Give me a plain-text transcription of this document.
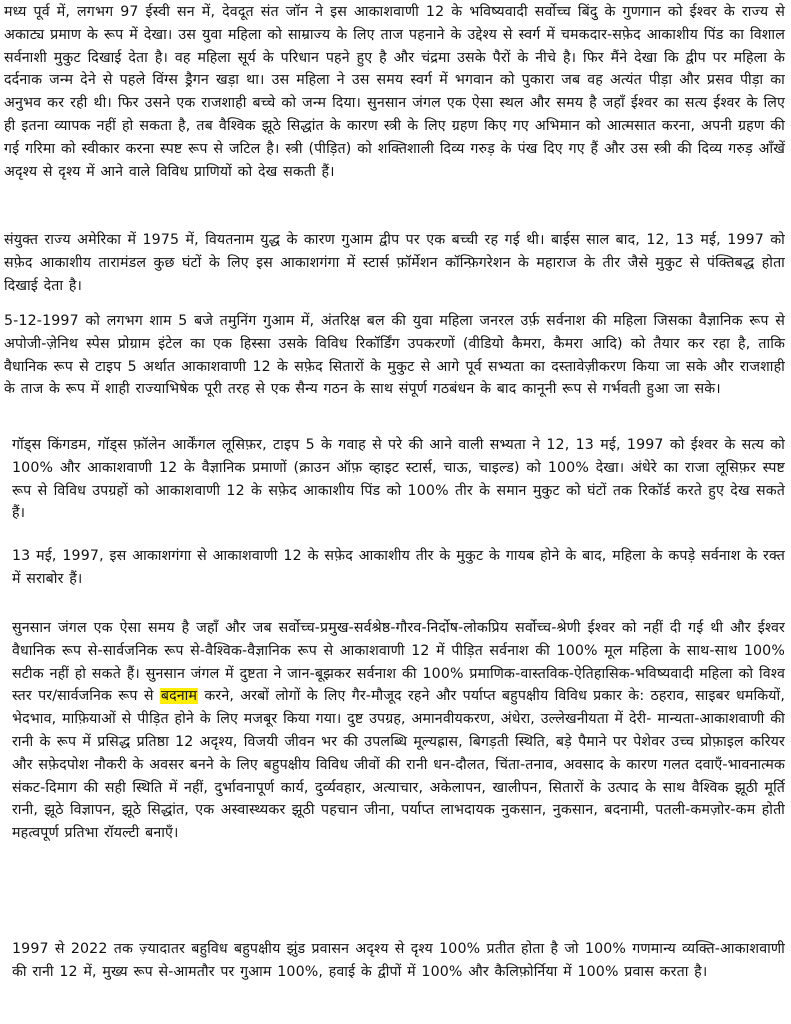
मध्य पूर्व में, लगभग 97 ईस्वी सन में, देवदूत संत जॉन ने इस आकाशवाणी 12 के भविष्यवादी सर्वोच्च बिंदु के गुणगान को ईश्वर के राज्य से अकाट्य प्रमाण के रूप में देखा। उस युवा महिला को साम्राज्य के लिए ताज पहनाने के उद्देश्य से स्वर्ग में चमकदार-सफ़ेद आकाशीय पिंड का विशाल सर्वनाशी मुकुट दिखाई देता है। वह महिला सूर्य के परिधान पहने हुए है और चंद्रमा उसके पैरों के नीचे है। फिर मैंने देखा कि द्वीप पर महिला के दर्दनाक जन्म देने से पहले विंग्स ड्रैगन खड़ा था। उस महिला ने उस समय स्वर्ग में भगवान को पुकारा जब वह अत्यंत पीड़ा और प्रसव पीड़ा का अनुभव कर रही थी। फिर उसने एक राजशाही बच्चे को जन्म दिया। सुनसान जंगल एक ऐसा स्थल और समय है जहाँ ईश्वर का सत्य ईश्वर के लिए ही इतना व्यापक नहीं हो सकता है, तब वैश्विक झूठे सिद्धांत के कारण स्त्री के लिए ग्रहण किए गए अभिमान को आत्मसात करना, अपनी ग्रहण की गई गरिमा को स्वीकार करना स्पष्ट रूप से जटिल है। स्त्री (पीड़ित) को शक्तिशाली दिव्य गरुड़ के पंख दिए गए हैं और उस स्त्री की दिव्य गरुड़ आँखें अदृश्य से दृश्य में आने वाले विविध प्राणियों को देख सकती हैं।

संयुक्त राज्य अमेरिका में 1975 में, वियतनाम युद्ध के कारण गुआम द्वीप पर एक बच्ची रह गई थी। बाईस साल बाद, 12, 13 मई, 1997 को सफ़ेद आकाशीय तारामंडल कुछ घंटों के लिए इस आकाशगंगा में स्टार्स फ़ॉर्मेशन कॉन्फ़िगरेशन के महाराज के तीर जैसे मुकुट से पंक्तिबद्ध होता दिखाई देता है।

5-12-1997 को लगभग शाम 5 बजे तमुनिंग गुआम में, अंतरिक्ष बल की युवा महिला जनरल उर्फ़ सर्वनाश की महिला जिसका वैज्ञानिक रूप से अपोजी-ज़ेनिथ स्पेस प्रोग्राम इंटेल का एक हिस्सा उसके विविध रिकॉर्डिंग उपकरणों (वीडियो कैमरा, कैमरा आदि) को तैयार कर रहा है, ताकि वैधानिक रूप से टाइप 5 अर्थात आकाशवाणी 12 के सफ़ेद सितारों के मुकुट से आगे पूर्व सभ्यता का दस्तावेज़ीकरण किया जा सके और राजशाही के ताज के रूप में शाही राज्याभिषेक पूरी तरह से एक सैन्य गठन के साथ संपूर्ण गठबंधन के बाद कानूनी रूप से गर्भवती हुआ जा सके।

गॉड्स किंगडम, गॉड्स फ़ॉलेन आर्केंगल लूसिफ़र, टाइप 5 के गवाह से परे की आने वाली सभ्यता ने 12, 13 मई, 1997 को ईश्वर के सत्य को 100% और आकाशवाणी 12 के वैज्ञानिक प्रमाणों (क्राउन ऑफ़ व्हाइट स्टार्स, चाऊ, चाइल्ड) को 100% देखा। अंधेरे का राजा लूसिफ़र स्पष्ट रूप से विविध उपग्रहों को आकाशवाणी 12 के सफ़ेद आकाशीय पिंड को 100% तीर के समान मुकुट को घंटों तक रिकॉर्ड करते हुए देख सकते हैं।

13 मई, 1997, इस आकाशगंगा से आकाशवाणी 12 के सफ़ेद आकाशीय तीर के मुकुट के गायब होने के बाद, महिला के कपड़े सर्वनाश के रक्त में सराबोर हैं।

सुनसान जंगल एक ऐसा समय है जहाँ और जब सर्वोच्च-प्रमुख-सर्वश्रेष्ठ-गौरव-निर्दोष-लोकप्रिय सर्वोच्च-श्रेणी ईश्वर को नहीं दी गई थी और ईश्वर वैधानिक रूप से-सार्वजनिक रूप से-वैश्विक-वैज्ञानिक रूप से आकाशवाणी 12 में पीड़ित सर्वनाश की 100% मूल महिला के साथ-साथ 100% सटीक नहीं हो सकते हैं। सुनसान जंगल में दुष्टता ने जान-बूझकर सर्वनाश की 100% प्रमाणिक-वास्तविक-ऐतिहासिक-भविष्यवादी महिला को विश्व स्तर पर/सार्वजनिक रूप से बदनाम करने, अरबों लोगों के लिए गैर-मौजूद रहने और पर्याप्त बहुपक्षीय विविध प्रकार के: ठहराव, साइबर धमकियों, भेदभाव, माफ़ियाओं से पीड़ित होने के लिए मजबूर किया गया। दुष्ट उपग्रह, अमानवीयकरण, अंधेरा, उल्लेखनीयता में देरी- मान्यता-आकाशवाणी की रानी के रूप में प्रसिद्ध प्रतिष्ठा 12 अदृश्य, विजयी जीवन भर की उपलब्धि मूल्यह्रास, बिगड़ती स्थिति, बड़े पैमाने पर पेशेवर उच्च प्रोफ़ाइल करियर और सफ़ेदपोश नौकरी के अवसर बनने के लिए बहुपक्षीय विविध जीवों की रानी धन-दौलत, चिंता-तनाव, अवसाद के कारण गलत दवाएँ-भावनात्मक संकट-दिमाग की सही स्थिति में नहीं, दुर्भावनापूर्ण कार्य, दुर्व्यवहार, अत्याचार, अकेलापन, खालीपन, सितारों के उत्पाद के साथ वैश्विक झूठी मूर्ति रानी, झूठे विज्ञापन, झूठे सिद्धांत, एक अस्वास्थ्यकर झूठी पहचान जीना, पर्याप्त लाभदायक नुकसान, नुकसान, बदनामी, पतली-कमज़ोर-कम होती महत्वपूर्ण प्रतिभा रॉयल्टी बनाएँ।

1997 से 2022 तक ज़्यादातर बहुविध बहुपक्षीय झुंड प्रवासन अदृश्य से दृश्य 100% प्रतीत होता है जो 100% गणमान्य व्यक्ति-आकाशवाणी की रानी 12 में, मुख्य रूप से-आमतौर पर गुआम 100%, हवाई के द्वीपों में 100% और कैलिफ़ोर्निया में 100% प्रवास करता है।
